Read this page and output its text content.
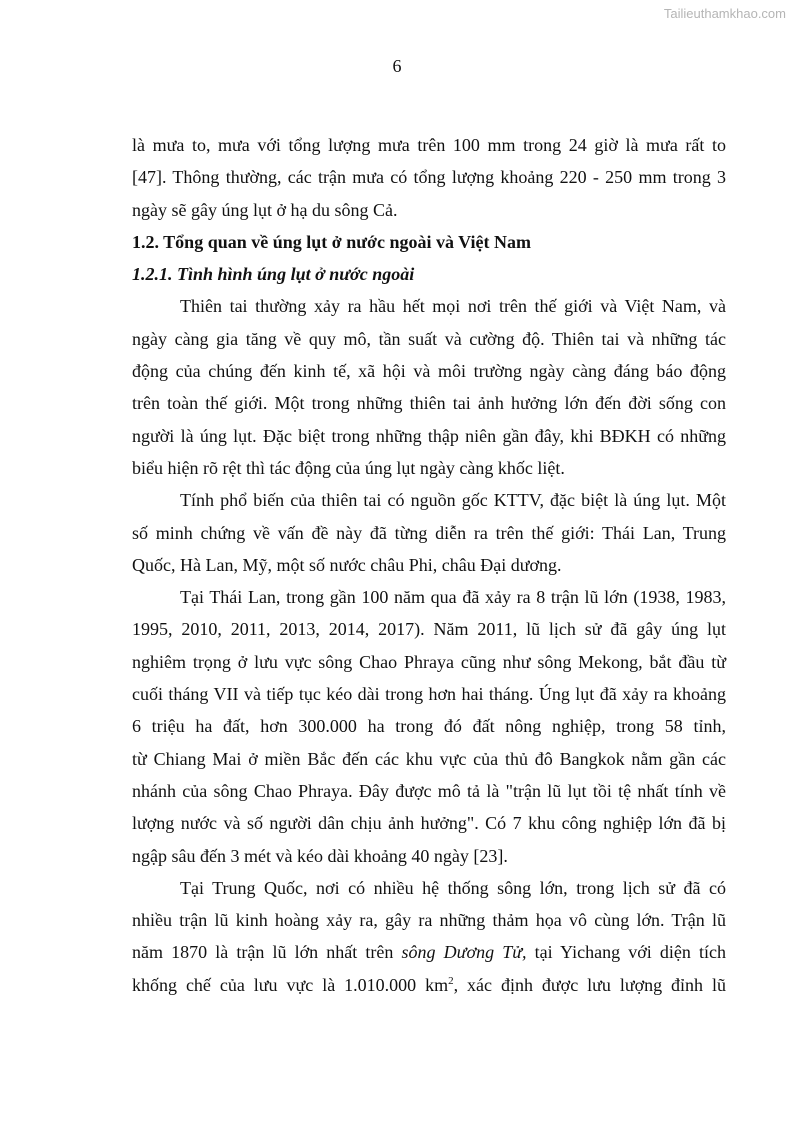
Tailieuthamkhao.com
6
là mưa to, mưa với tổng lượng mưa trên 100 mm trong 24 giờ là mưa rất to
[47]. Thông thường, các trận mưa có tổng lượng khoảng 220 - 250 mm trong 3
ngày sẽ gây úng lụt ở hạ du sông Cả.
1.2. Tổng quan về úng lụt ở nước ngoài và Việt Nam
1.2.1. Tình hình úng lụt ở nước ngoài
Thiên tai thường xảy ra hầu hết mọi nơi trên thế giới và Việt Nam, và
ngày càng gia tăng về quy mô, tần suất và cường độ. Thiên tai và những tác
động của chúng đến kinh tế, xã hội và môi trường ngày càng đáng báo động
trên toàn thế giới. Một trong những thiên tai ảnh hưởng lớn đến đời sống con
người là úng lụt. Đặc biệt trong những thập niên gần đây, khi BĐKH có những
biểu hiện rõ rệt thì tác động của úng lụt ngày càng khốc liệt.
Tính phổ biến của thiên tai có nguồn gốc KTTV, đặc biệt là úng lụt. Một
số minh chứng về vấn đề này đã từng diễn ra trên thế giới: Thái Lan, Trung
Quốc, Hà Lan, Mỹ, một số nước châu Phi, châu Đại dương.
Tại Thái Lan, trong gần 100 năm qua đã xảy ra 8 trận lũ lớn (1938, 1983,
1995, 2010, 2011, 2013, 2014, 2017). Năm 2011, lũ lịch sử đã gây úng lụt
nghiêm trọng ở lưu vực sông Chao Phraya cũng như sông Mekong, bắt đầu từ
cuối tháng VII và tiếp tục kéo dài trong hơn hai tháng. Úng lụt đã xảy ra khoảng
6 triệu ha đất, hơn 300.000 ha trong đó đất nông nghiệp, trong 58 tỉnh,
từ Chiang Mai ở miền Bắc đến các khu vực của thủ đô Bangkok nằm gần các
nhánh của sông Chao Phraya. Đây được mô tả là "trận lũ lụt tồi tệ nhất tính về
lượng nước và số người dân chịu ảnh hưởng". Có 7 khu công nghiệp lớn đã bị
ngập sâu đến 3 mét và kéo dài khoảng 40 ngày [23].
Tại Trung Quốc, nơi có nhiều hệ thống sông lớn, trong lịch sử đã có
nhiều trận lũ kinh hoàng xảy ra, gây ra những thảm họa vô cùng lớn. Trận lũ
năm 1870 là trận lũ lớn nhất trên sông Dương Tử, tại Yichang với diện tích
khống chế của lưu vực là 1.010.000 $km^2$, xác định được lưu lượng đỉnh lũ
